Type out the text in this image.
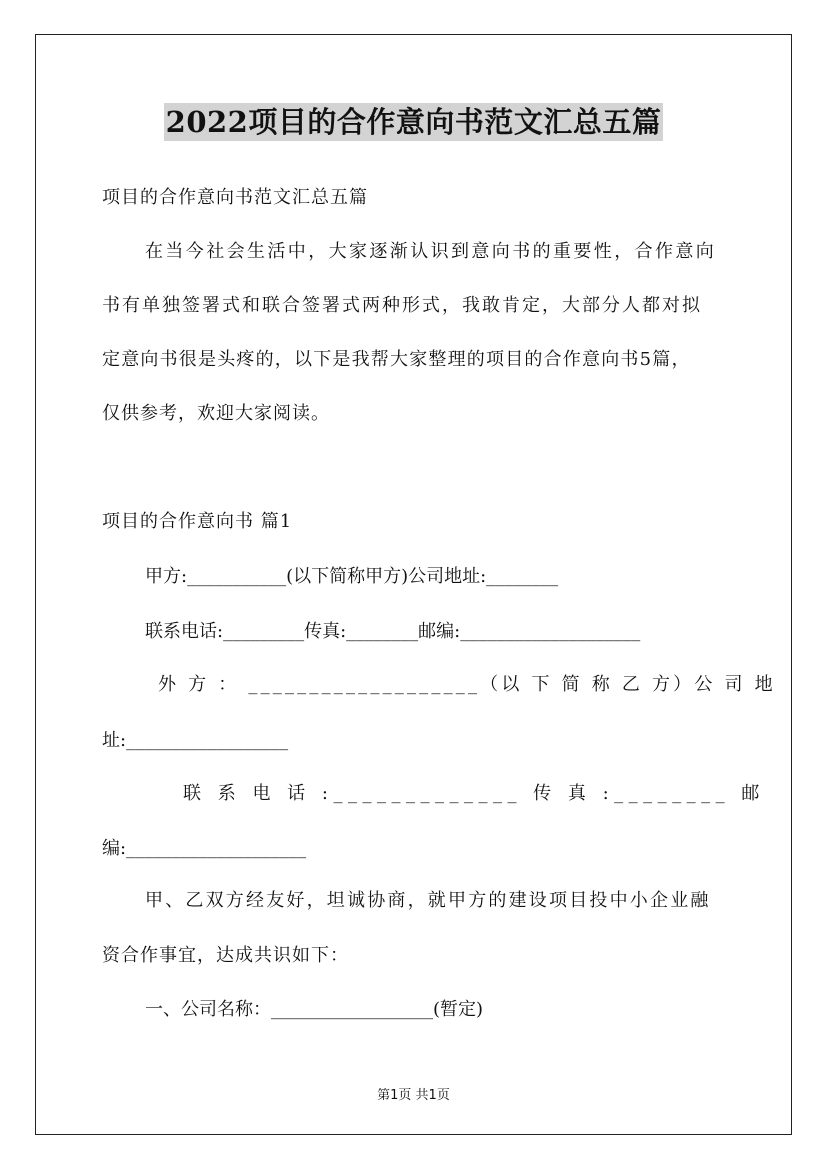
2022项目的合作意向书范文汇总五篇
项目的合作意向书范文汇总五篇
在当今社会生活中，大家逐渐认识到意向书的重要性，合作意向
书有单独签署式和联合签署式两种形式，我敢肯定，大部分人都对拟
定意向书很是头疼的，以下是我帮大家整理的项目的合作意向书5篇，
仅供参考，欢迎大家阅读。
项目的合作意向书 篇1
甲方:___________(以下简称甲方)公司地址:________
联系电话:_________传真:________邮编:____________________
外 方 ： ___________________（以 下 简 称 乙 方）公 司 地
址:__________________
联 系 电 话 :_____________ 传 真 :________ 邮
编:____________________
甲、乙双方经友好，坦诚协商，就甲方的建设项目投中小企业融
资合作事宜，达成共识如下：
一、公司名称：__________________(暂定)
第1页 共1页
